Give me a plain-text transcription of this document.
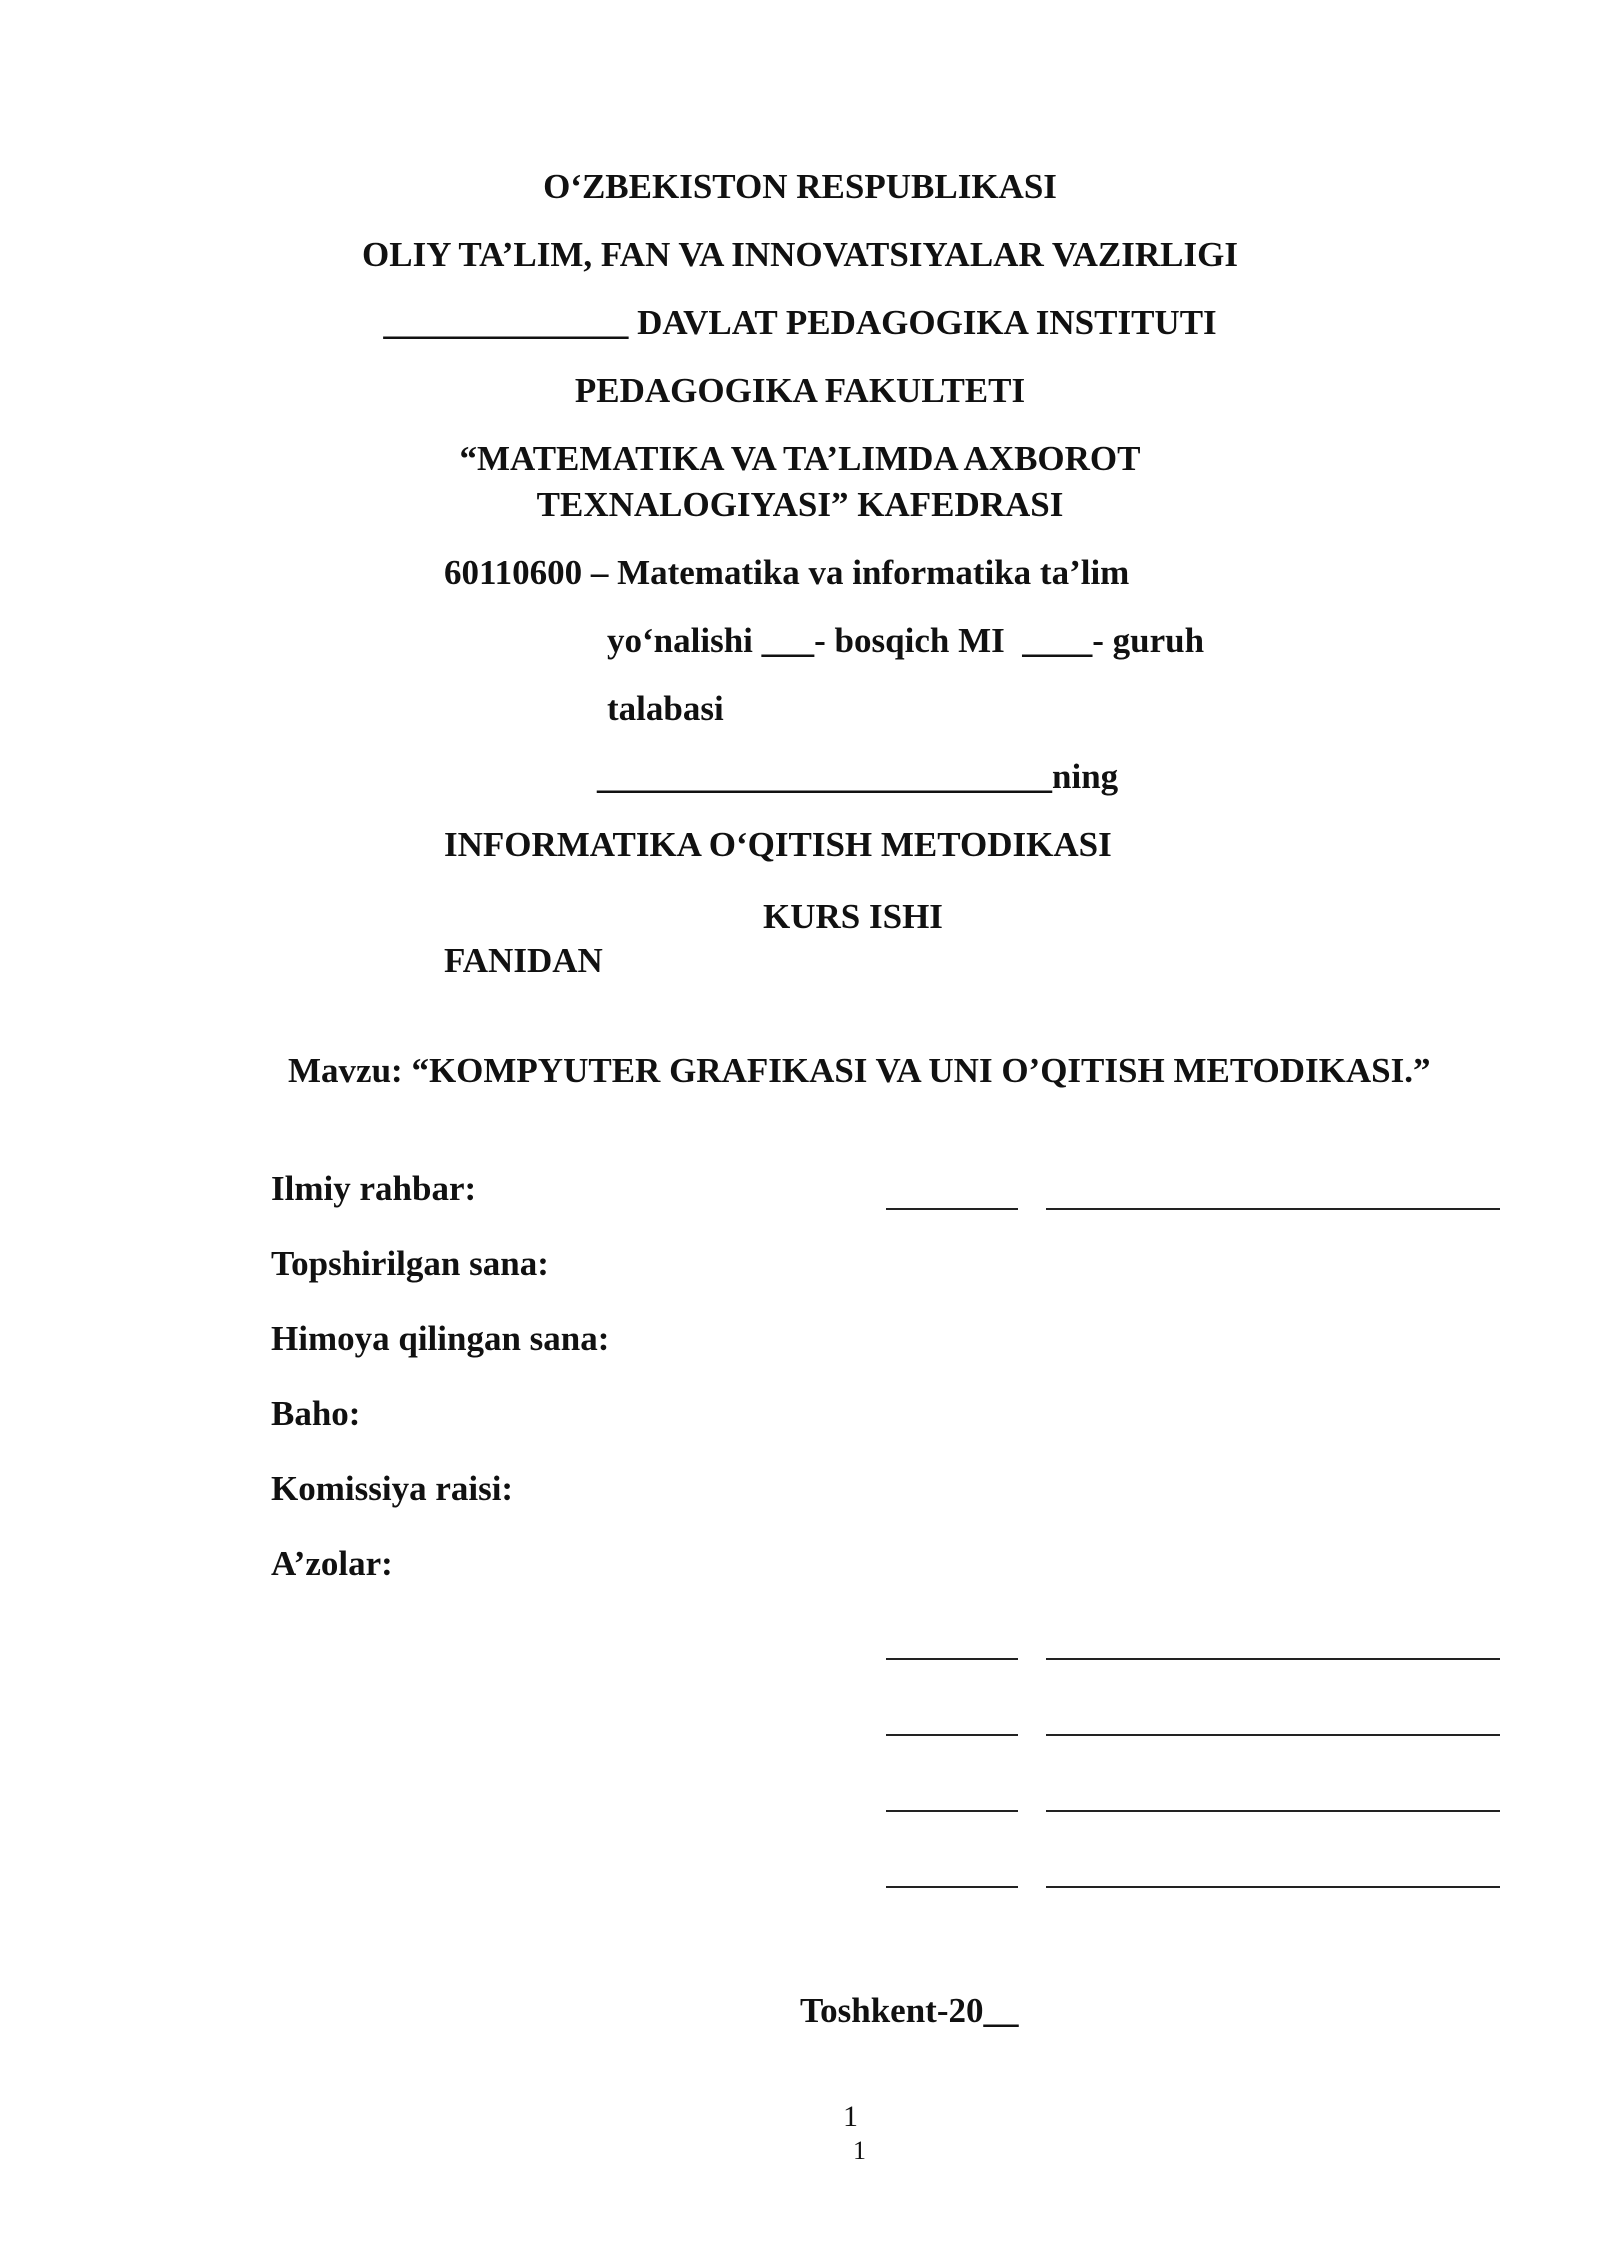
O‘ZBEKISTON RESPUBLIKASI
OLIY TA’LIM, FAN VA INNOVATSIYALAR VAZIRLIGI
______________ DAVLAT PEDAGOGIKA INSTITUTI
PEDAGOGIKA FAKULTETI
“MATEMATIKA VA TA’LIMDA AXBOROT
TEXNALOGIYASI” KAFEDRASI
60110600 – Matematika va informatika ta’lim
yo‘nalishi ___- bosqich MI ____- guruh
talabasi
__________________________ning
INFORMATIKA O‘QITISH METODIKASI
KURS ISHI
FANIDAN
Mavzu: “KOMPYUTER GRAFIKASI VA UNI O’QITISH METODIKASI.”
Ilmiy rahbar:
Topshirilgan sana:
Himoya qilingan sana:
Baho:
Komissiya raisi:
A’zolar:
Toshkent-20__
1
1
